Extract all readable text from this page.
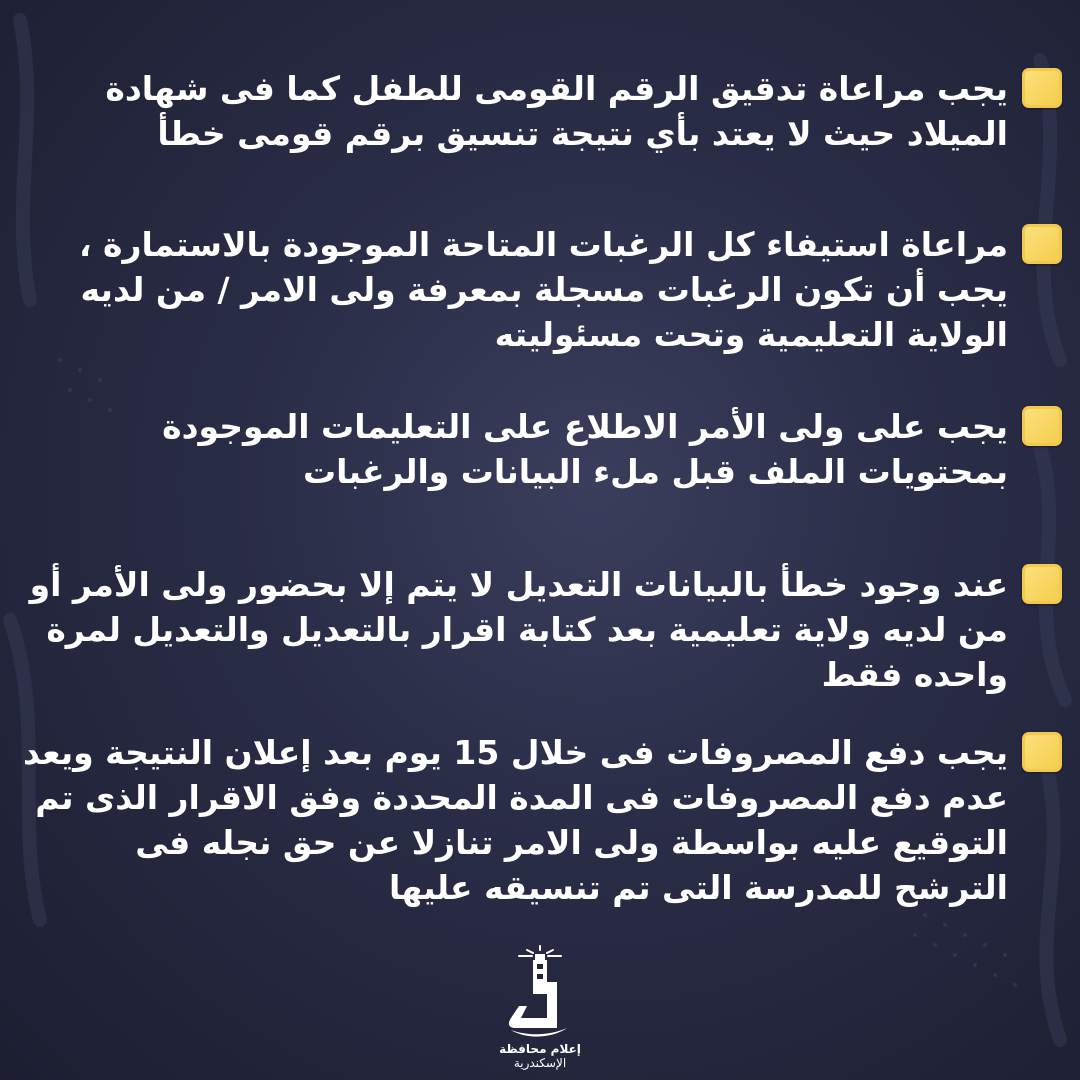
يجب مراعاة تدقيق الرقم القومى للطفل كما فى شهادة الميلاد حيث لا يعتد بأي نتيجة تنسيق برقم قومى خطأ
مراعاة استيفاء كل الرغبات المتاحة الموجودة بالاستمارة ، يجب أن تكون الرغبات مسجلة بمعرفة ولى الامر / من لديه الولاية التعليمية وتحت مسئوليته
يجب على ولى الأمر الاطلاع على التعليمات الموجودة بمحتويات الملف قبل ملء البيانات والرغبات
عند وجود خطأ بالبيانات التعديل لا يتم إلا بحضور ولى الأمر أو من لديه ولاية تعليمية بعد كتابة اقرار بالتعديل والتعديل لمرة واحده فقط
يجب دفع المصروفات فى خلال 15 يوم بعد إعلان النتيجة ويعد عدم دفع المصروفات فى المدة المحددة وفق الاقرار الذى تم التوقيع عليه بواسطة ولى الامر تنازلا عن حق نجله فى الترشح للمدرسة التى تم تنسيقه عليها
إعلام محافظة
الإسكندرية
